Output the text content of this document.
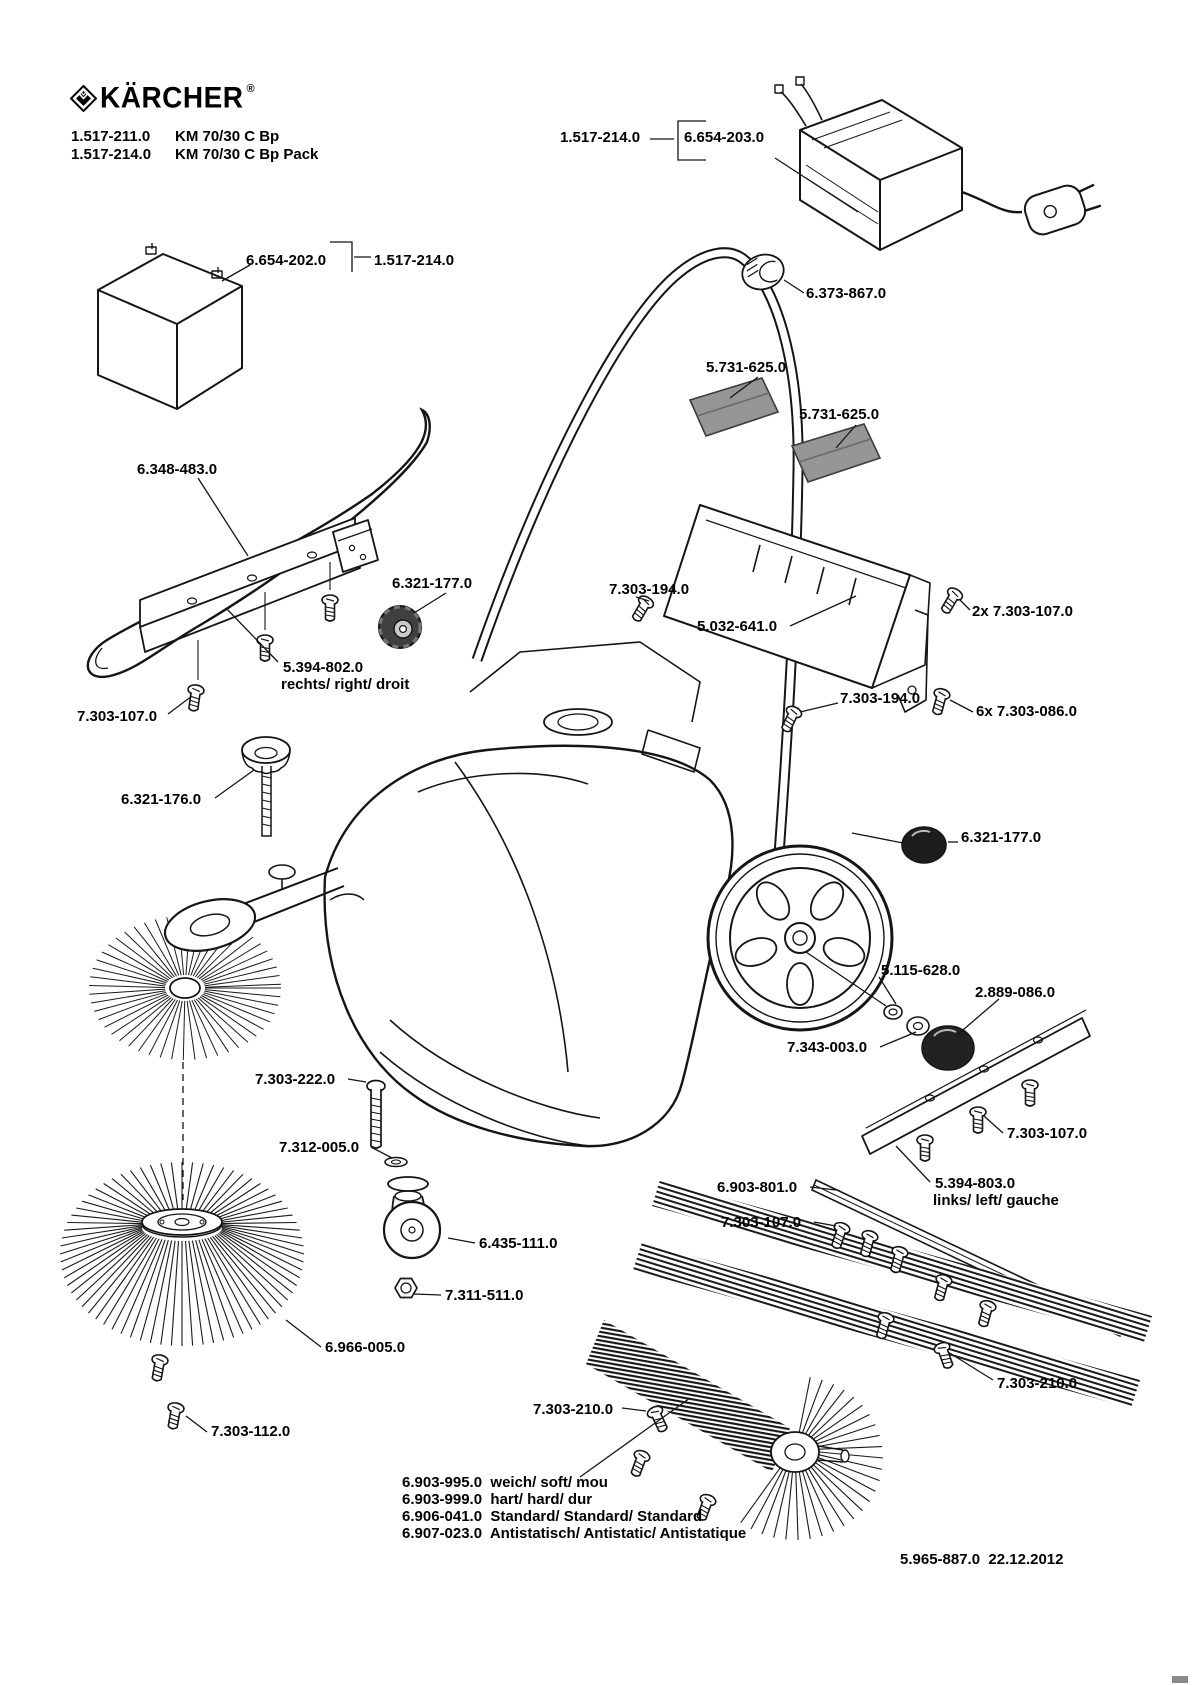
KÄRCHER ®
1.517-211.0 KM 70/30 C Bp
1.517-214.0 KM 70/30 C Bp Pack
1.517-214.0	6.654-203.0
6.654-202.0	1.517-214.0
6.373-867.0
5.731-625.0
5.731-625.0
6.348-483.0
6.321-177.0	7.303-194.0
5.032-641.0
2x 7.303-107.0
5.394-802.0
rechts/ right/ droit
7.303-107.0
7.303-194.0
6x 7.303-086.0
6.321-176.0
6.321-177.0
5.115-628.0
2.889-086.0
7.343-003.0
7.303-222.0
7.312-005.0
6.435-111.0
7.311-511.0
6.966-005.0
7.303-112.0
6.903-801.0
7.303-107.0
5.394-803.0
links/ left/ gauche
7.303-107.0
7.303-210.0
7.303-210.0
6.903-995.0  weich/ soft/ mou
6.903-999.0  hart/ hard/ dur
6.906-041.0  Standard/ Standard/ Standard
6.907-023.0  Antistatisch/ Antistatic/ Antistatique
5.965-887.0 22.12.2012
